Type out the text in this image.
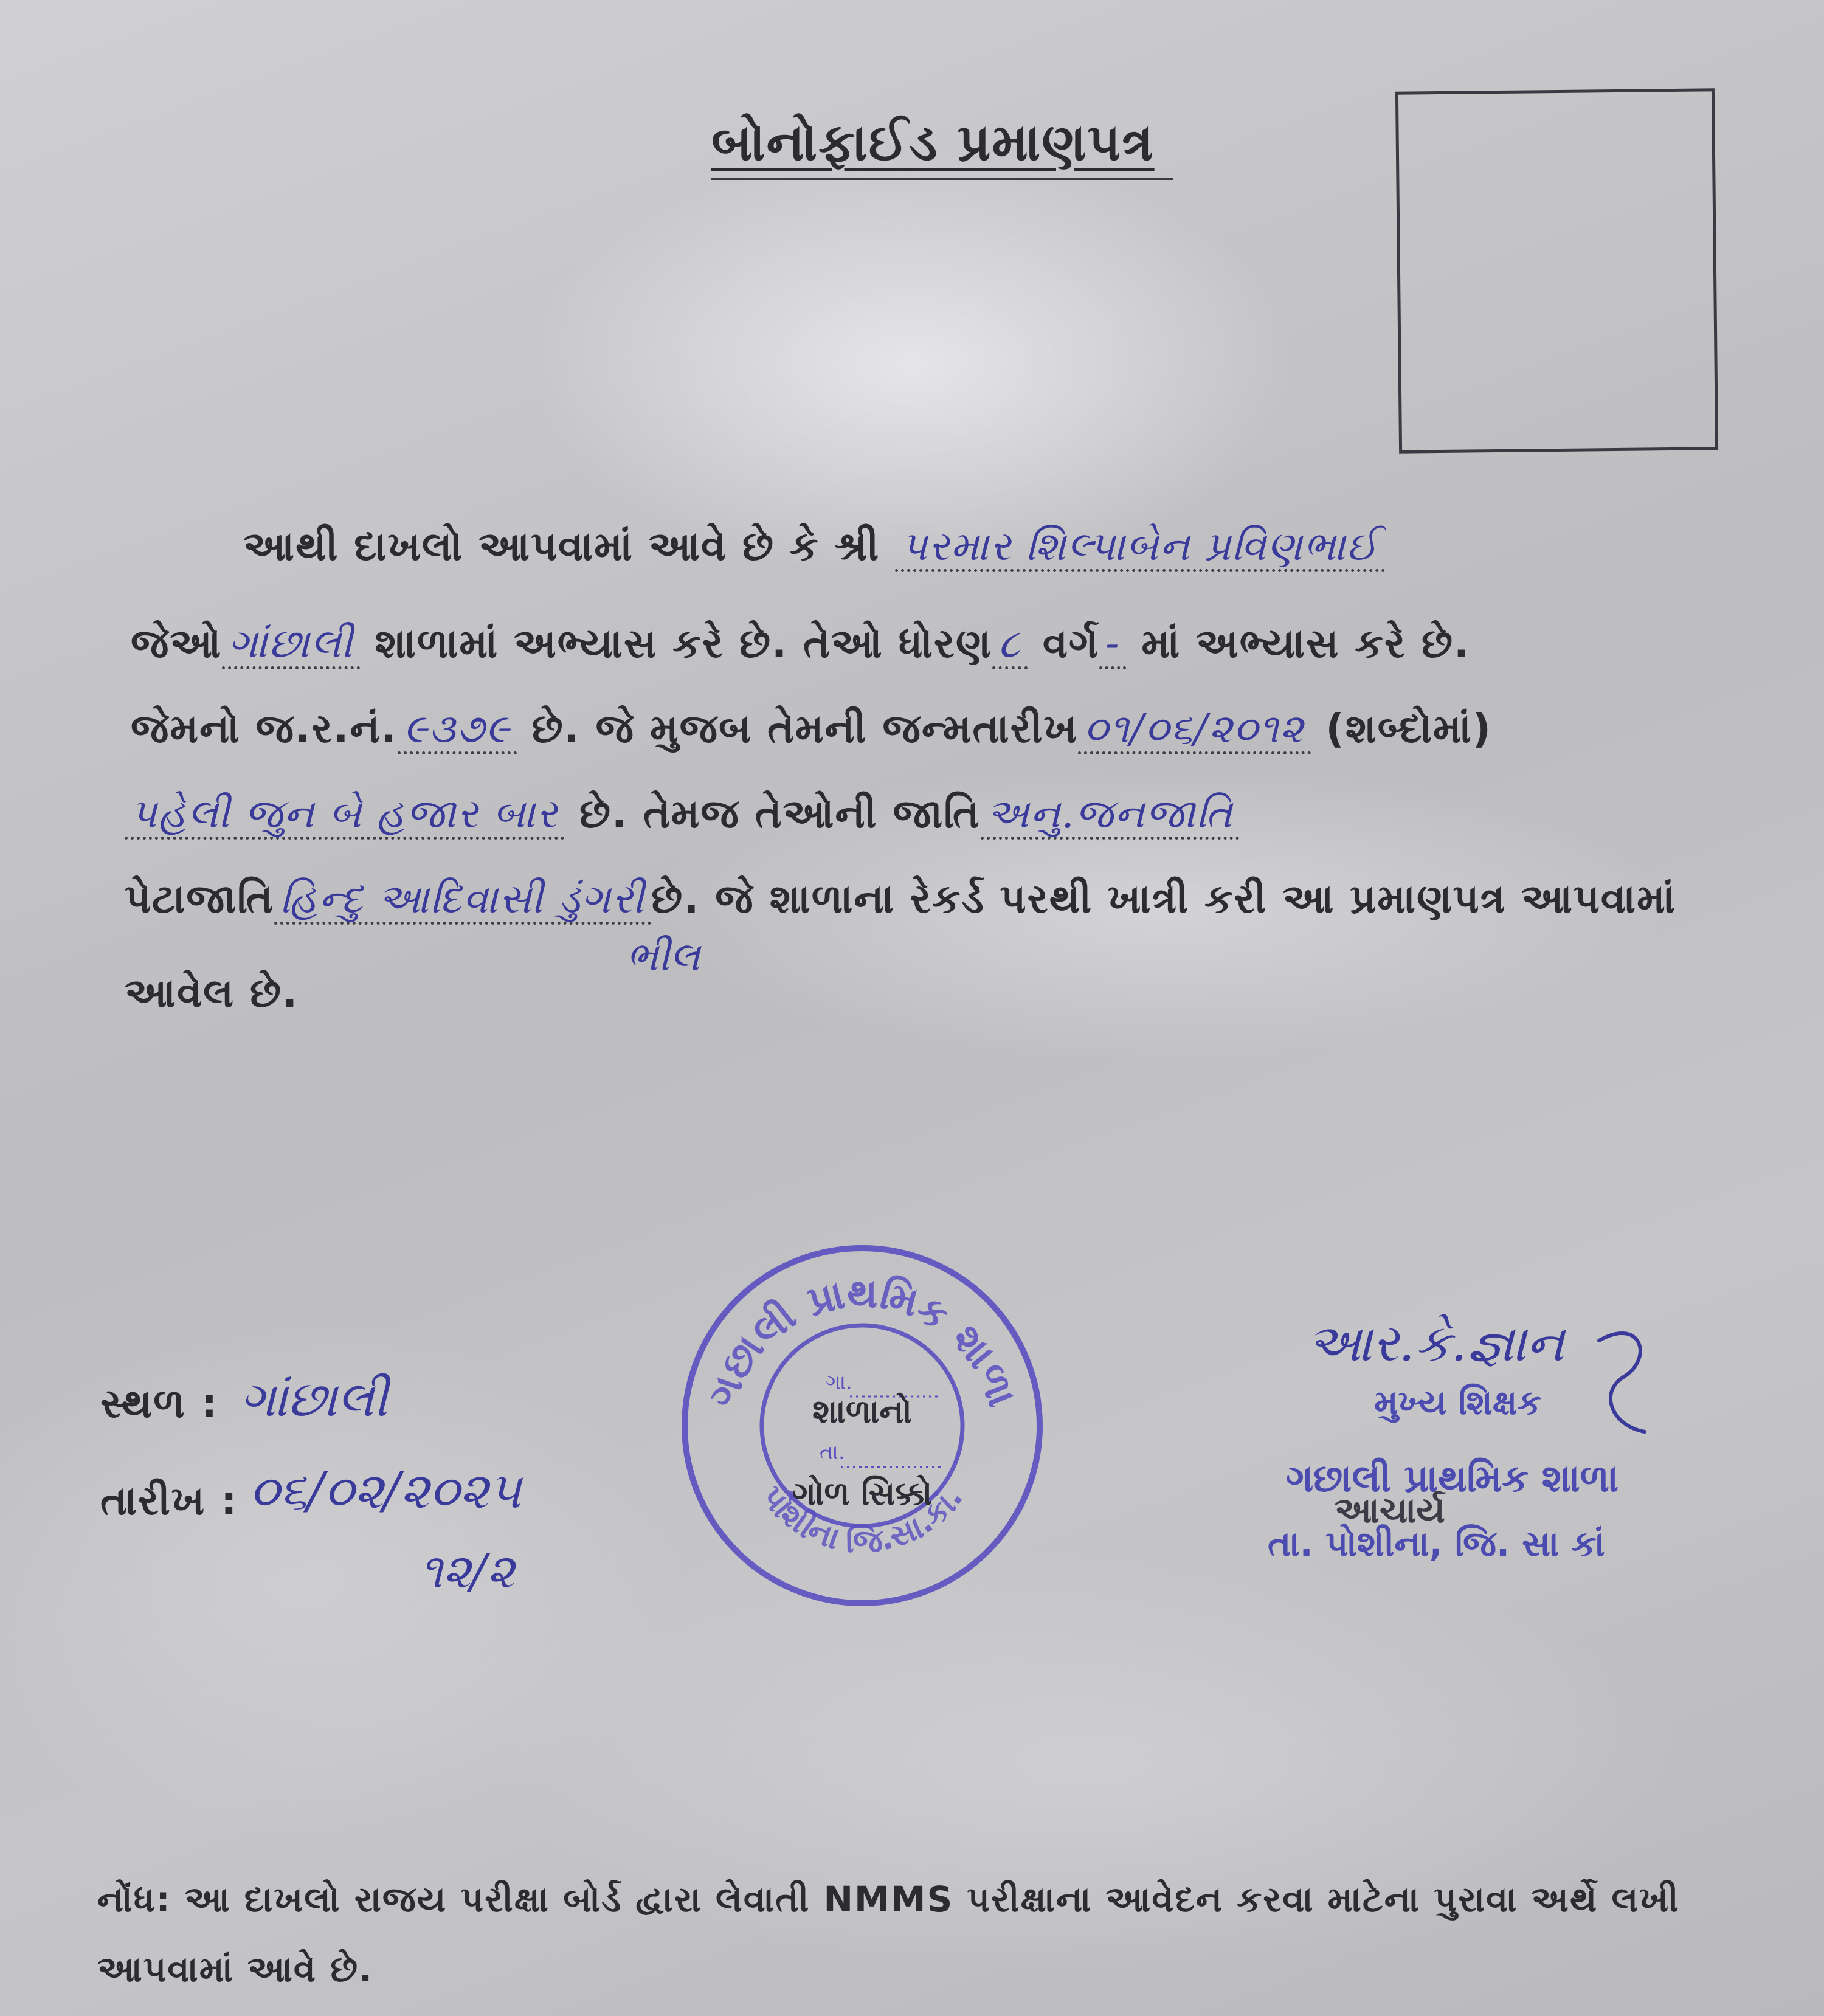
બોનોફાઈડ પ્રમાણપત્ર
આથી દાખલો આપવામાં આવે છે કે શ્રી પરમાર શિલ્પાબેન પ્રવિણભાઈ
જેઓ ગાંછાલી શાળામાં અભ્યાસ કરે છે. તેઓ ધોરણ ૮ વર્ગ - માં અભ્યાસ કરે છે.
જેમનો જ.ર.નં. ૯૩૭૯ છે. જે મુજબ તેમની જન્મતારીખ ૦૧/૦૬/૨૦૧૨ (શબ્દોમાં)
પહેલી જુન બે હજાર બાર છે. તેમજ તેઓની જાતિ અનુ.જનજાતિ
પેટાજાતિ હિન્દુ આદિવાસી ડુંગરી છે. જે શાળાના રેકર્ડ પરથી ખાત્રી કરી આ પ્રમાણપત્ર આપવામાં
ભીલ
આવેલ છે.
ગછાલી પ્રાથમિક શાળા
પોશીના જિ.સા.કાં.
ગા.
શાળાનો
તા.
ગોળ સિક્કો
સ્થળ : ગાંછાલી
તારીખ : ૦૬/૦૨/૨૦૨૫
૧૨/૨
આર.કે.જ્ઞાન
મુખ્ય શિક્ષક
ગછાલી પ્રાથમિક શાળા
આચાર્ય
તા. પોશીના, જિ. સા કાં
નોંધ: આ દાખલો રાજય પરીક્ષા બોર્ડ દ્વારા લેવાતી NMMS પરીક્ષાના આવેદન કરવા માટેના પુરાવા અર્થે લખી
આપવામાં આવે છે.
